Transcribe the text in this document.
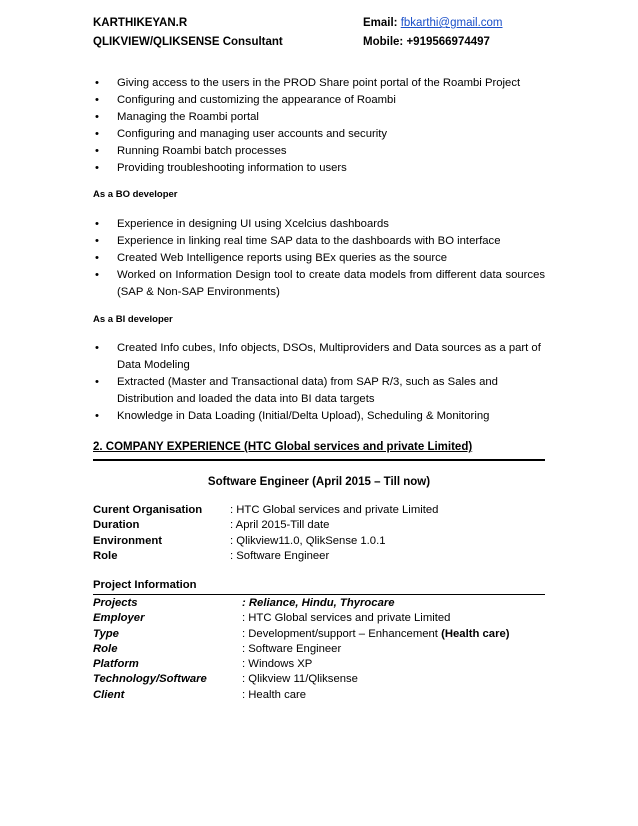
KARTHIKEYAN.R
QLIKVIEW/QLIKSENSE Consultant
Email: fbkarthi@gmail.com
Mobile: +919566974497
• Giving access to the users in the PROD Share point portal of the Roambi Project
• Configuring and customizing the appearance of Roambi
• Managing the Roambi portal
• Configuring and managing user accounts and security
• Running Roambi batch processes
• Providing troubleshooting information to users
As a BO developer
• Experience in designing UI using Xcelcius dashboards
• Experience in linking real time SAP data to the dashboards with BO interface
• Created Web Intelligence reports using BEx queries as the source
• Worked on Information Design tool to create data models from different data sources (SAP & Non-SAP Environments)
As a BI developer
• Created Info cubes, Info objects, DSOs, Multiproviders and Data sources as a part of Data Modeling
• Extracted (Master and Transactional data) from SAP R/3, such as Sales and Distribution and loaded the data into BI data targets
• Knowledge in Data Loading (Initial/Delta Upload), Scheduling & Monitoring
2. COMPANY EXPERIENCE (HTC Global services and private Limited)
Software Engineer (April 2015 – Till now)
Curent Organisation	: HTC Global services and private Limited
Duration	: April 2015-Till date
Environment	: Qlikview11.0, QlikSense 1.0.1
Role	: Software Engineer
Project Information
Projects	: Reliance, Hindu, Thyrocare
Employer	: HTC Global services and private Limited
Type	: Development/support – Enhancement (Health care)
Role	: Software Engineer
Platform	: Windows XP
Technology/Software	: Qlikview 11/Qliksense
Client	: Health care
